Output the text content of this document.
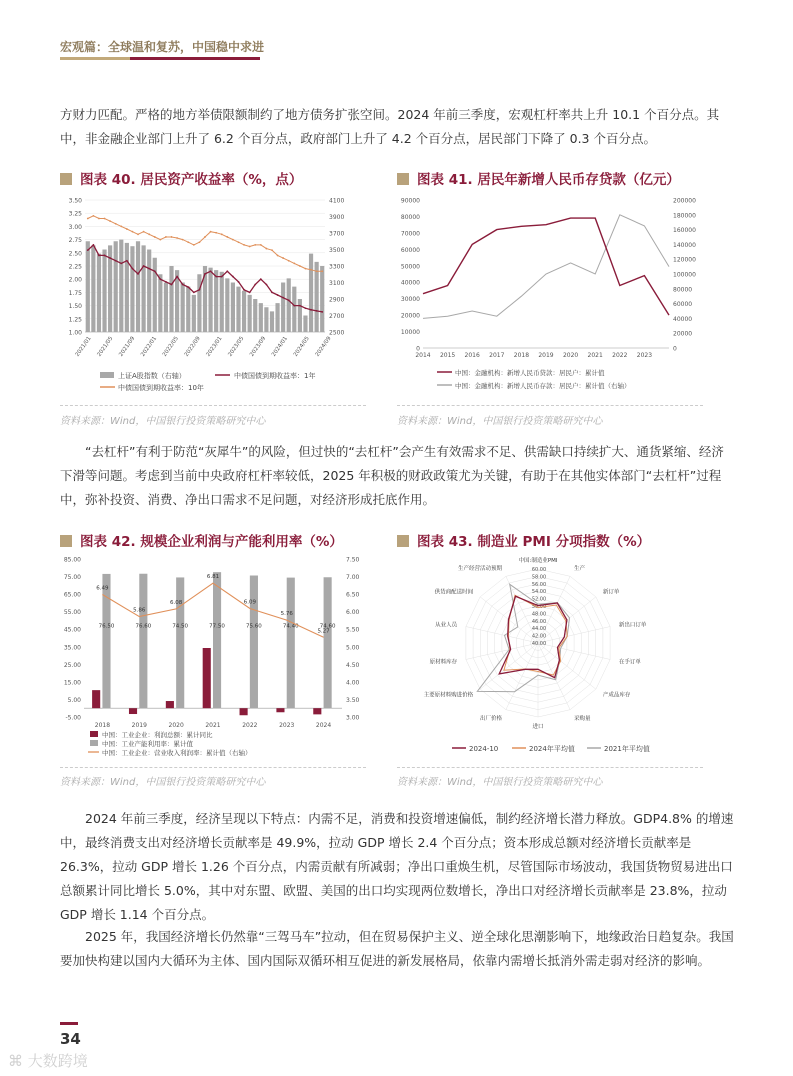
宏观篇：全球温和复苏，中国稳中求进

方财力匹配。严格的地方举债限额制约了地方债务扩张空间。2024 年前三季度，宏观杠杆率共上升 10.1 个百分点。其中，非金融企业部门上升了 6.2 个百分点，政府部门上升了 4.2 个百分点，居民部门下降了 0.3 个百分点。

图表 40. 居民资产收益率（%，点）	图表 41. 居民年新增人民币存贷款（亿元）
3.50
3.25
3.00
2.75
2.50
2.25
2.00
1.75
1.50
1.25
1.00
4100
3900
3700
3500
3300
3100
2900
2700
2500
2021/01 2021/05 2021/09 2022/01 2022/05 2022/09 2023/01 2023/05 2023/09 2024/01 2024/05 2024/09
上证A股指数（右轴）	中债国债到期收益率：1年
中债国债到期收益率：10年
90000
80000
70000
60000
50000
40000
30000
20000
10000
0
200000
180000
160000
140000
120000
100000
80000
60000
40000
20000
0
2014 2015 2016 2017 2018 2019 2020 2021 2022 2023
中国：金融机构：新增人民币贷款：居民户：累计值
中国：金融机构：新增人民币存款：居民户：累计值（右轴）
资料来源：Wind，中国银行投资策略研究中心	资料来源：Wind，中国银行投资策略研究中心

“去杠杆”有利于防范“灰犀牛”的风险，但过快的“去杠杆”会产生有效需求不足、供需缺口持续扩大、通货紧缩、经济下滑等问题。考虑到当前中央政府杠杆率较低，2025 年积极的财政政策尤为关键，有助于在其他实体部门“去杠杆”过程中，弥补投资、消费、净出口需求不足问题，对经济形成托底作用。

图表 42. 规模企业利润与产能利用率（%）	图表 43. 制造业 PMI 分项指数（%）
85.00
75.00
65.00
55.00
45.00
35.00
25.00
15.00
5.00
-5.00
7.50
7.00
6.50
6.00
5.50
5.00
4.50
4.00
3.50
3.00
76.50
2018
6.49
76.60
2019
5.86
74.50
2020
6.08
77.50
2021
6.81
75.60
2022
6.09
74.40
2023
5.76
74.60
2024
5.27
中国：工业企业：利润总额：累计同比
中国：工业产能利用率：累计值
中国：工业企业：营业收入利润率：累计值（右轴）
中国:制造业PMI
生产
新订单
新出口订单
在手订单
产成品库存
采购量
进口
出厂价格
主要原材料购进价格
原材料库存
从业人员
供货商配送时间
生产经营活动预期	60.00
58.00
56.00
54.00
52.00
50.00
48.00
46.00
44.00
42.00
40.00
2024-10	2024年平均值	2021年平均值
资料来源：Wind，中国银行投资策略研究中心	资料来源：Wind，中国银行投资策略研究中心

2024 年前三季度，经济呈现以下特点：内需不足，消费和投资增速偏低，制约经济增长潜力释放。GDP4.8% 的增速中，最终消费支出对经济增长贡献率是 49.9%，拉动 GDP 增长 2.4 个百分点；资本形成总额对经济增长贡献率是 26.3%，拉动 GDP 增长 1.26 个百分点，内需贡献有所减弱；净出口重焕生机，尽管国际市场波动，我国货物贸易进出口总额累计同比增长 5.0%，其中对东盟、欧盟、美国的出口均实现两位数增长，净出口对经济增长贡献率是 23.8%，拉动 GDP 增长 1.14 个百分点。

2025 年，我国经济增长仍然靠“三驾马车”拉动，但在贸易保护主义、逆全球化思潮影响下，地缘政治日趋复杂。我国要加快构建以国内大循环为主体、国内国际双循环相互促进的新发展格局，依靠内需增长抵消外需走弱对经济的影响。

34
⌘ 大数跨境
